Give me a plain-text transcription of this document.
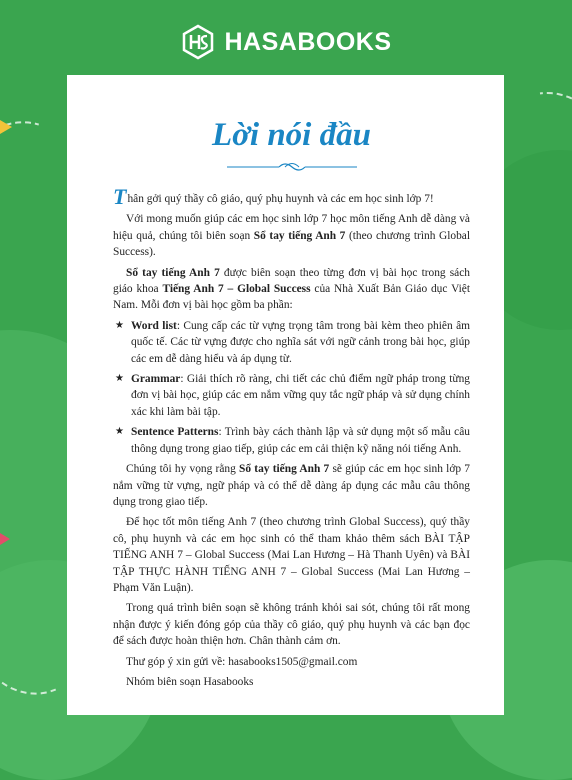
HASABOOKS
Lời nói đầu

Thân gởi quý thầy cô giáo, quý phụ huynh và các em học sinh lớp 7!

Với mong muốn giúp các em học sinh lớp 7 học môn tiếng Anh dễ dàng và hiệu quả, chúng tôi biên soạn Sổ tay tiếng Anh 7 (theo chương trình Global Success).

Sổ tay tiếng Anh 7 được biên soạn theo từng đơn vị bài học trong sách giáo khoa Tiếng Anh 7 – Global Success của Nhà Xuất Bản Giáo dục Việt Nam. Mỗi đơn vị bài học gồm ba phần:

★ Word list: Cung cấp các từ vựng trọng tâm trong bài kèm theo phiên âm quốc tế. Các từ vựng được cho nghĩa sát với ngữ cảnh trong bài học, giúp các em dễ dàng hiểu và áp dụng từ.
★ Grammar: Giải thích rõ ràng, chi tiết các chủ điểm ngữ pháp trong từng đơn vị bài học, giúp các em nắm vững quy tắc ngữ pháp và sử dụng chính xác khi làm bài tập.
★ Sentence Patterns: Trình bày cách thành lập và sử dụng một số mẫu câu thông dụng trong giao tiếp, giúp các em cải thiện kỹ năng nói tiếng Anh.

Chúng tôi hy vọng rằng Sổ tay tiếng Anh 7 sẽ giúp các em học sinh lớp 7 nắm vững từ vựng, ngữ pháp và có thể dễ dàng áp dụng các mẫu câu thông dụng trong giao tiếp.

Để học tốt môn tiếng Anh 7 (theo chương trình Global Success), quý thầy cô, phụ huynh và các em học sinh có thể tham khảo thêm sách BÀI TẬP TIẾNG ANH 7 – Global Success (Mai Lan Hương – Hà Thanh Uyên) và BÀI TẬP THỰC HÀNH TIẾNG ANH 7 – Global Success (Mai Lan Hương – Phạm Văn Luận).

Trong quá trình biên soạn sẽ không tránh khỏi sai sót, chúng tôi rất mong nhận được ý kiến đóng góp của thầy cô giáo, quý phụ huynh và các bạn đọc để sách được hoàn thiện hơn. Chân thành cảm ơn.

Thư góp ý xin gửi về: hasabooks1505@gmail.com

Nhóm biên soạn Hasabooks
